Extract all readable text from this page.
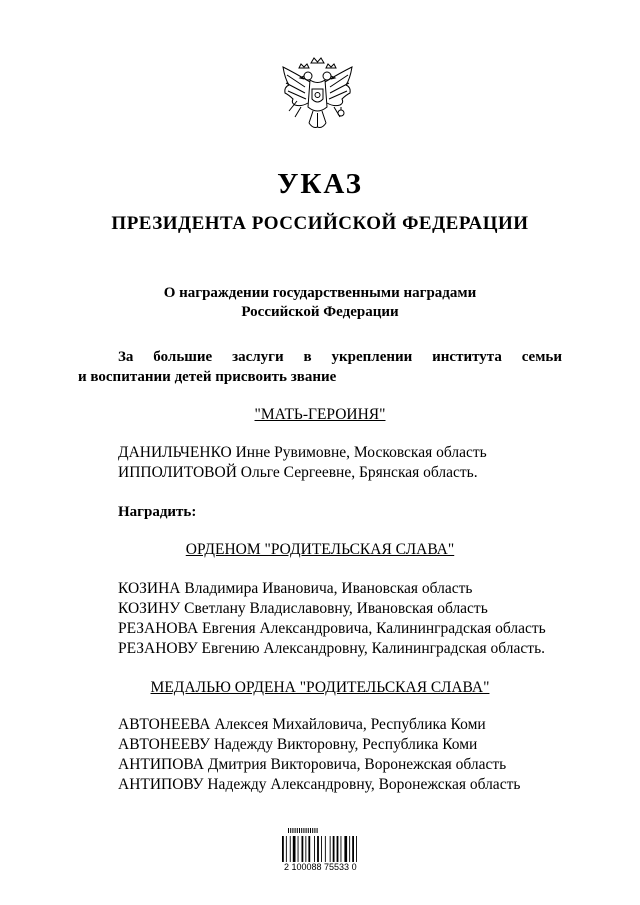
УКАЗ
ПРЕЗИДЕНТА РОССИЙСКОЙ ФЕДЕРАЦИИ
О награждении государственными наградами
Российской Федерации
За большие заслуги в укреплении института семьи
и воспитании детей присвоить звание
"МАТЬ-ГЕРОИНЯ"
ДАНИЛЬЧЕНКО Инне Рувимовне, Московская область
ИППОЛИТОВОЙ Ольге Сергеевне, Брянская область.
Наградить:
ОРДЕНОМ "РОДИТЕЛЬСКАЯ СЛАВА"
КОЗИНА Владимира Ивановича, Ивановская область
КОЗИНУ Светлану Владиславовну, Ивановская область
РЕЗАНОВА Евгения Александровича, Калининградская область
РЕЗАНОВУ Евгению Александровну, Калининградская область.
МЕДАЛЬЮ ОРДЕНА "РОДИТЕЛЬСКАЯ СЛАВА"
АВТОНЕЕВА Алексея Михайловича, Республика Коми
АВТОНЕЕВУ Надежду Викторовну, Республика Коми
АНТИПОВА Дмитрия Викторовича, Воронежская область
АНТИПОВУ Надежду Александровну, Воронежская область
2 100088 75533 0
